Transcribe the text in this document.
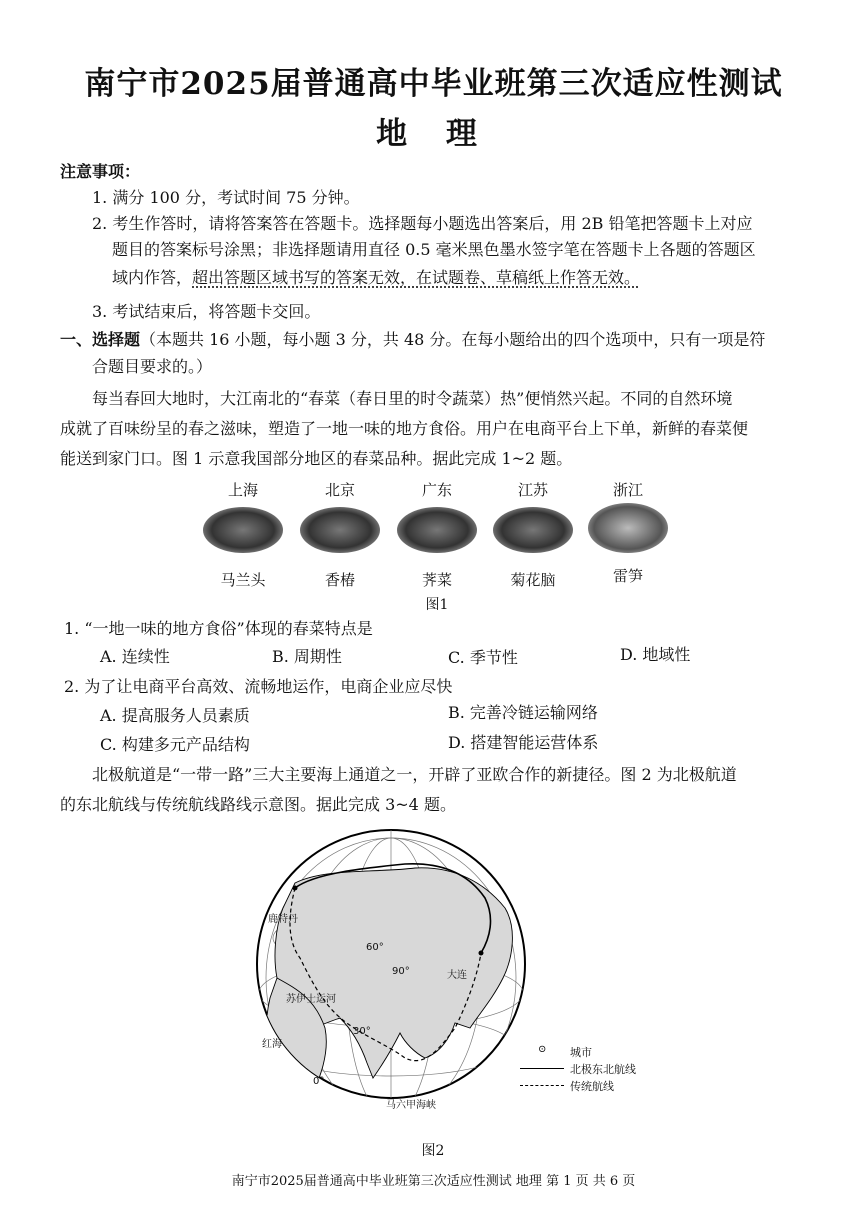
南宁市2025届普通高中毕业班第三次适应性测试
地 理
注意事项：
1. 满分 100 分，考试时间 75 分钟。
2. 考生作答时，请将答案答在答题卡。选择题每小题选出答案后，用 2B 铅笔把答题卡上对应
题目的答案标号涂黑；非选择题请用直径 0.5 毫米黑色墨水签字笔在答题卡上各题的答题区
域内作答，超出答题区域书写的答案无效，在试题卷、草稿纸上作答无效。
3. 考试结束后，将答题卡交回。
一、选择题（本题共 16 小题，每小题 3 分，共 48 分。在每小题给出的四个选项中，只有一项是符
合题目要求的。）
每当春回大地时，大江南北的“春菜（春日里的时令蔬菜）热”便悄然兴起。不同的自然环境
成就了百味纷呈的春之滋味，塑造了一地一味的地方食俗。用户在电商平台上下单，新鲜的春菜便
能送到家门口。图 1 示意我国部分地区的春菜品种。据此完成 1~2 题。
上海	北京	广东	江苏	浙江
马兰头	香椿	荠菜	菊花脑	雷笋
图1
1. “一地一味的地方食俗”体现的春菜特点是
A. 连续性	B. 周期性	C. 季节性	D. 地域性
2. 为了让电商平台高效、流畅地运作，电商企业应尽快
A. 提高服务人员素质	B. 完善冷链运输网络
C. 构建多元产品结构	D. 搭建智能运营体系
北极航道是“一带一路”三大主要海上通道之一，开辟了亚欧合作的新捷径。图 2 为北极航道
的东北航线与传统航线路线示意图。据此完成 3~4 题。
鹿特丹
60°
90°	大连
苏伊士运河
30°
红海
0°
马六甲海峡
⊙ 城市
北极东北航线
传统航线
图2
南宁市2025届普通高中毕业班第三次适应性测试 地理 第 1 页 共 6 页
